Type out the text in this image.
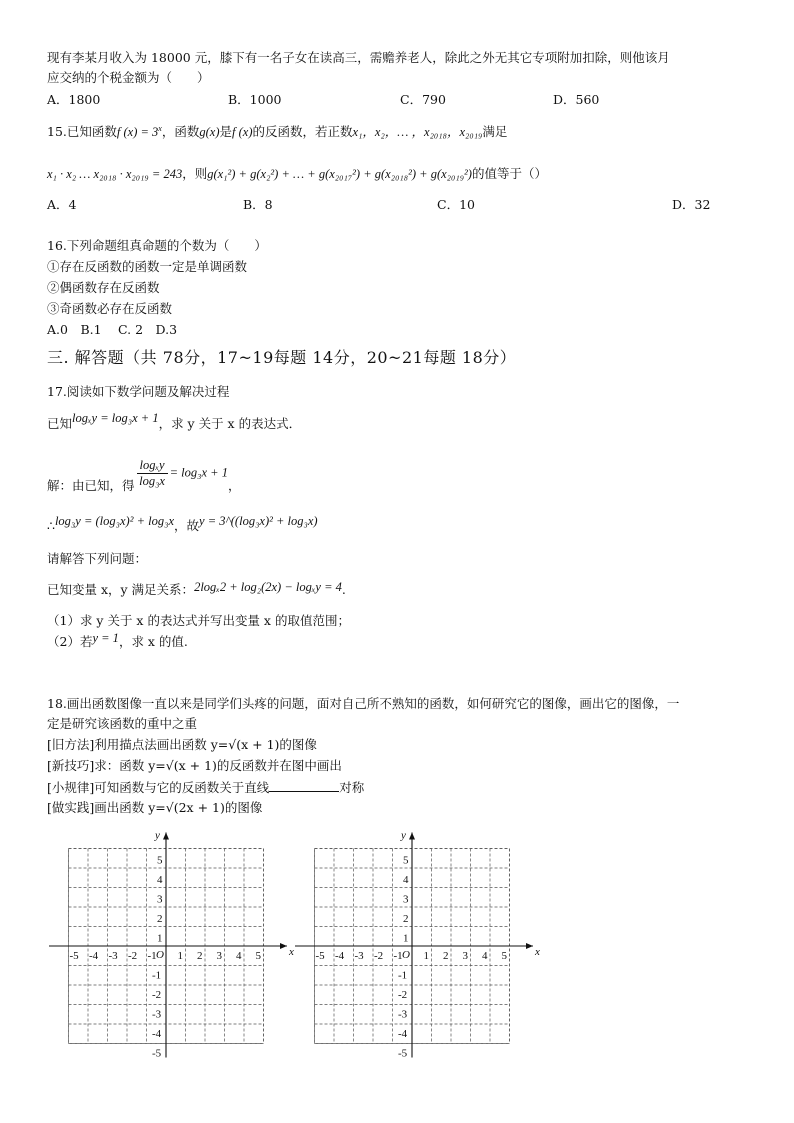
现有李某月收入为 18000 元，膝下有一名子女在读高三，需赡养老人，除此之外无其它专项附加扣除，则他该月
应交纳的个税金额为（　　）
A．1800	B．1000	C．790	D．560
15.已知函数f $(x) = 3^x$，函数g(x)是f (x)的反函数，若正数x₁，x₂，… ，x₂₀₁₈，x₂₀₁₉满足
x₁ · x₂ … x₂₀₁₈ · x₂₀₁₉ = 243，则g(x₁²) + g(x₂²) + … + g(x₂₀₁₇²) + g(x₂₀₁₈²) + g(x₂₀₁₉²)的值等于（）
A．4	B．8	C．10	D．32
16.下列命题组真命题的个数为（　　）
①存在反函数的函数一定是单调函数
②偶函数存在反函数
③奇函数必存在反函数
A.0　B.1　 C. 2　D.3
三. 解答题（共 78分，17~19每题 14分，20~21每题 18分）
17.阅读如下数学问题及解决过程
已知logₓy = log₃x + 1，求 y 关于 x 的表达式．
解：由已知，得 $\frac{\text{logₓy}}{\text{log₃x}} = \log_3x + 1$，
∴log₃y = (log₃x)² + log₃x，故y = 3^((log₃x)² + log₃x)
请解答下列问题：
已知变量 x，y 满足关系：2logₓ2 + log₂(2x) − logₓy = 4.
（1）求 y 关于 x 的表达式并写出变量 x 的取值范围；
（2）若y = 1，求 x 的值.
18.画出函数图像一直以来是同学们头疼的问题，面对自己所不熟知的函数，如何研究它的图像，画出它的图像，一
定是研究该函数的重中之重
[旧方法]利用描点法画出函数 y=√(x + 1)的图像
[新技巧]求：函数 y=√(x + 1)的反函数并在图中画出
[小规律]可知函数与它的反函数关于直线	对称
[做实践]画出函数 y=√(2x + 1)的图像
x
y
O
-5 -4 -3 -2 -1 1 2 3 4 5
5
4
3
2
1
-1
-2
-3
-4
-5
x
y
O
-5 -4 -3 -2 -1 1 2 3 4 5
5
4
3
2
1
-1
-2
-3
-4
-5
